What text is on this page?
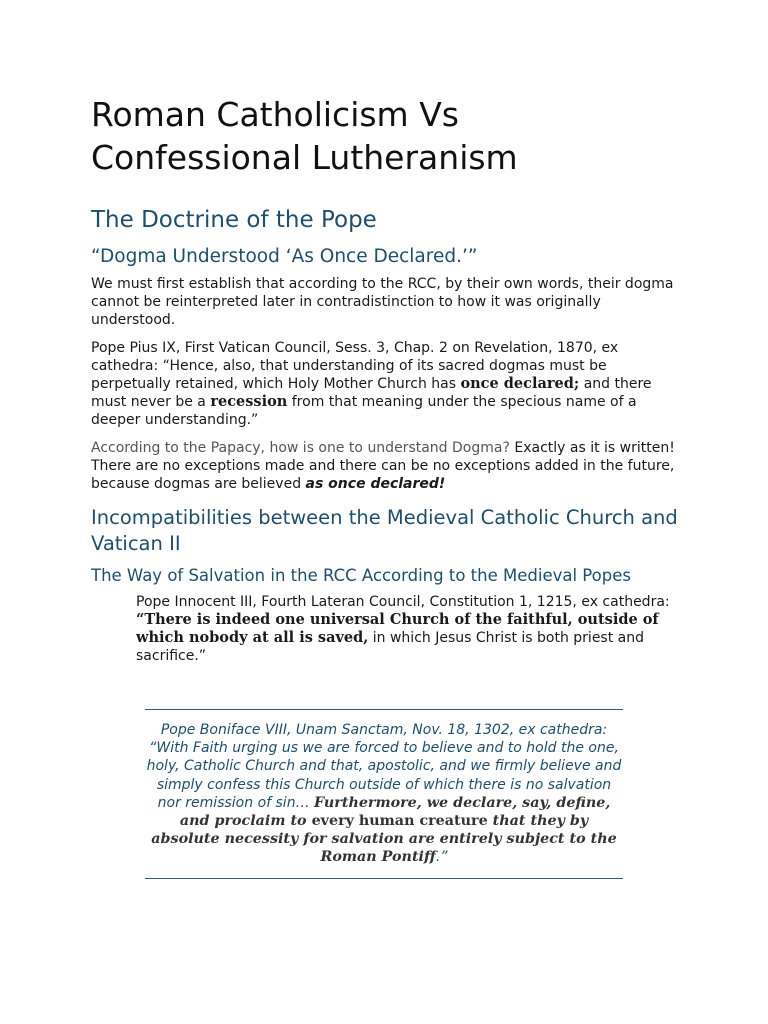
Roman Catholicism Vs
Confessional Lutheranism
The Doctrine of the Pope
“Dogma Understood ‘As Once Declared.’”

We must first establish that according to the RCC, by their own words, their dogma cannot be reinterpreted later in contradistinction to how it was originally understood.

Pope Pius IX, First Vatican Council, Sess. 3, Chap. 2 on Revelation, 1870, ex cathedra: “Hence, also, that understanding of its sacred dogmas must be perpetually retained, which Holy Mother Church has once declared; and there must never be a recession from that meaning under the specious name of a deeper understanding.”

According to the Papacy, how is one to understand Dogma? Exactly as it is written! There are no exceptions made and there can be no exceptions added in the future, because dogmas are believed as once declared!

Incompatibilities between the Medieval Catholic Church and Vatican II
The Way of Salvation in the RCC According to the Medieval Popes

Pope Innocent III, Fourth Lateran Council, Constitution 1, 1215, ex cathedra: “There is indeed one universal Church of the faithful, outside of which nobody at all is saved, in which Jesus Christ is both priest and sacrifice.”

Pope Boniface VIII, Unam Sanctam, Nov. 18, 1302, ex cathedra: “With Faith urging us we are forced to believe and to hold the one, holy, Catholic Church and that, apostolic, and we firmly believe and simply confess this Church outside of which there is no salvation nor remission of sin… Furthermore, we declare, say, define, and proclaim to every human creature that they by absolute necessity for salvation are entirely subject to the Roman Pontiff.”
